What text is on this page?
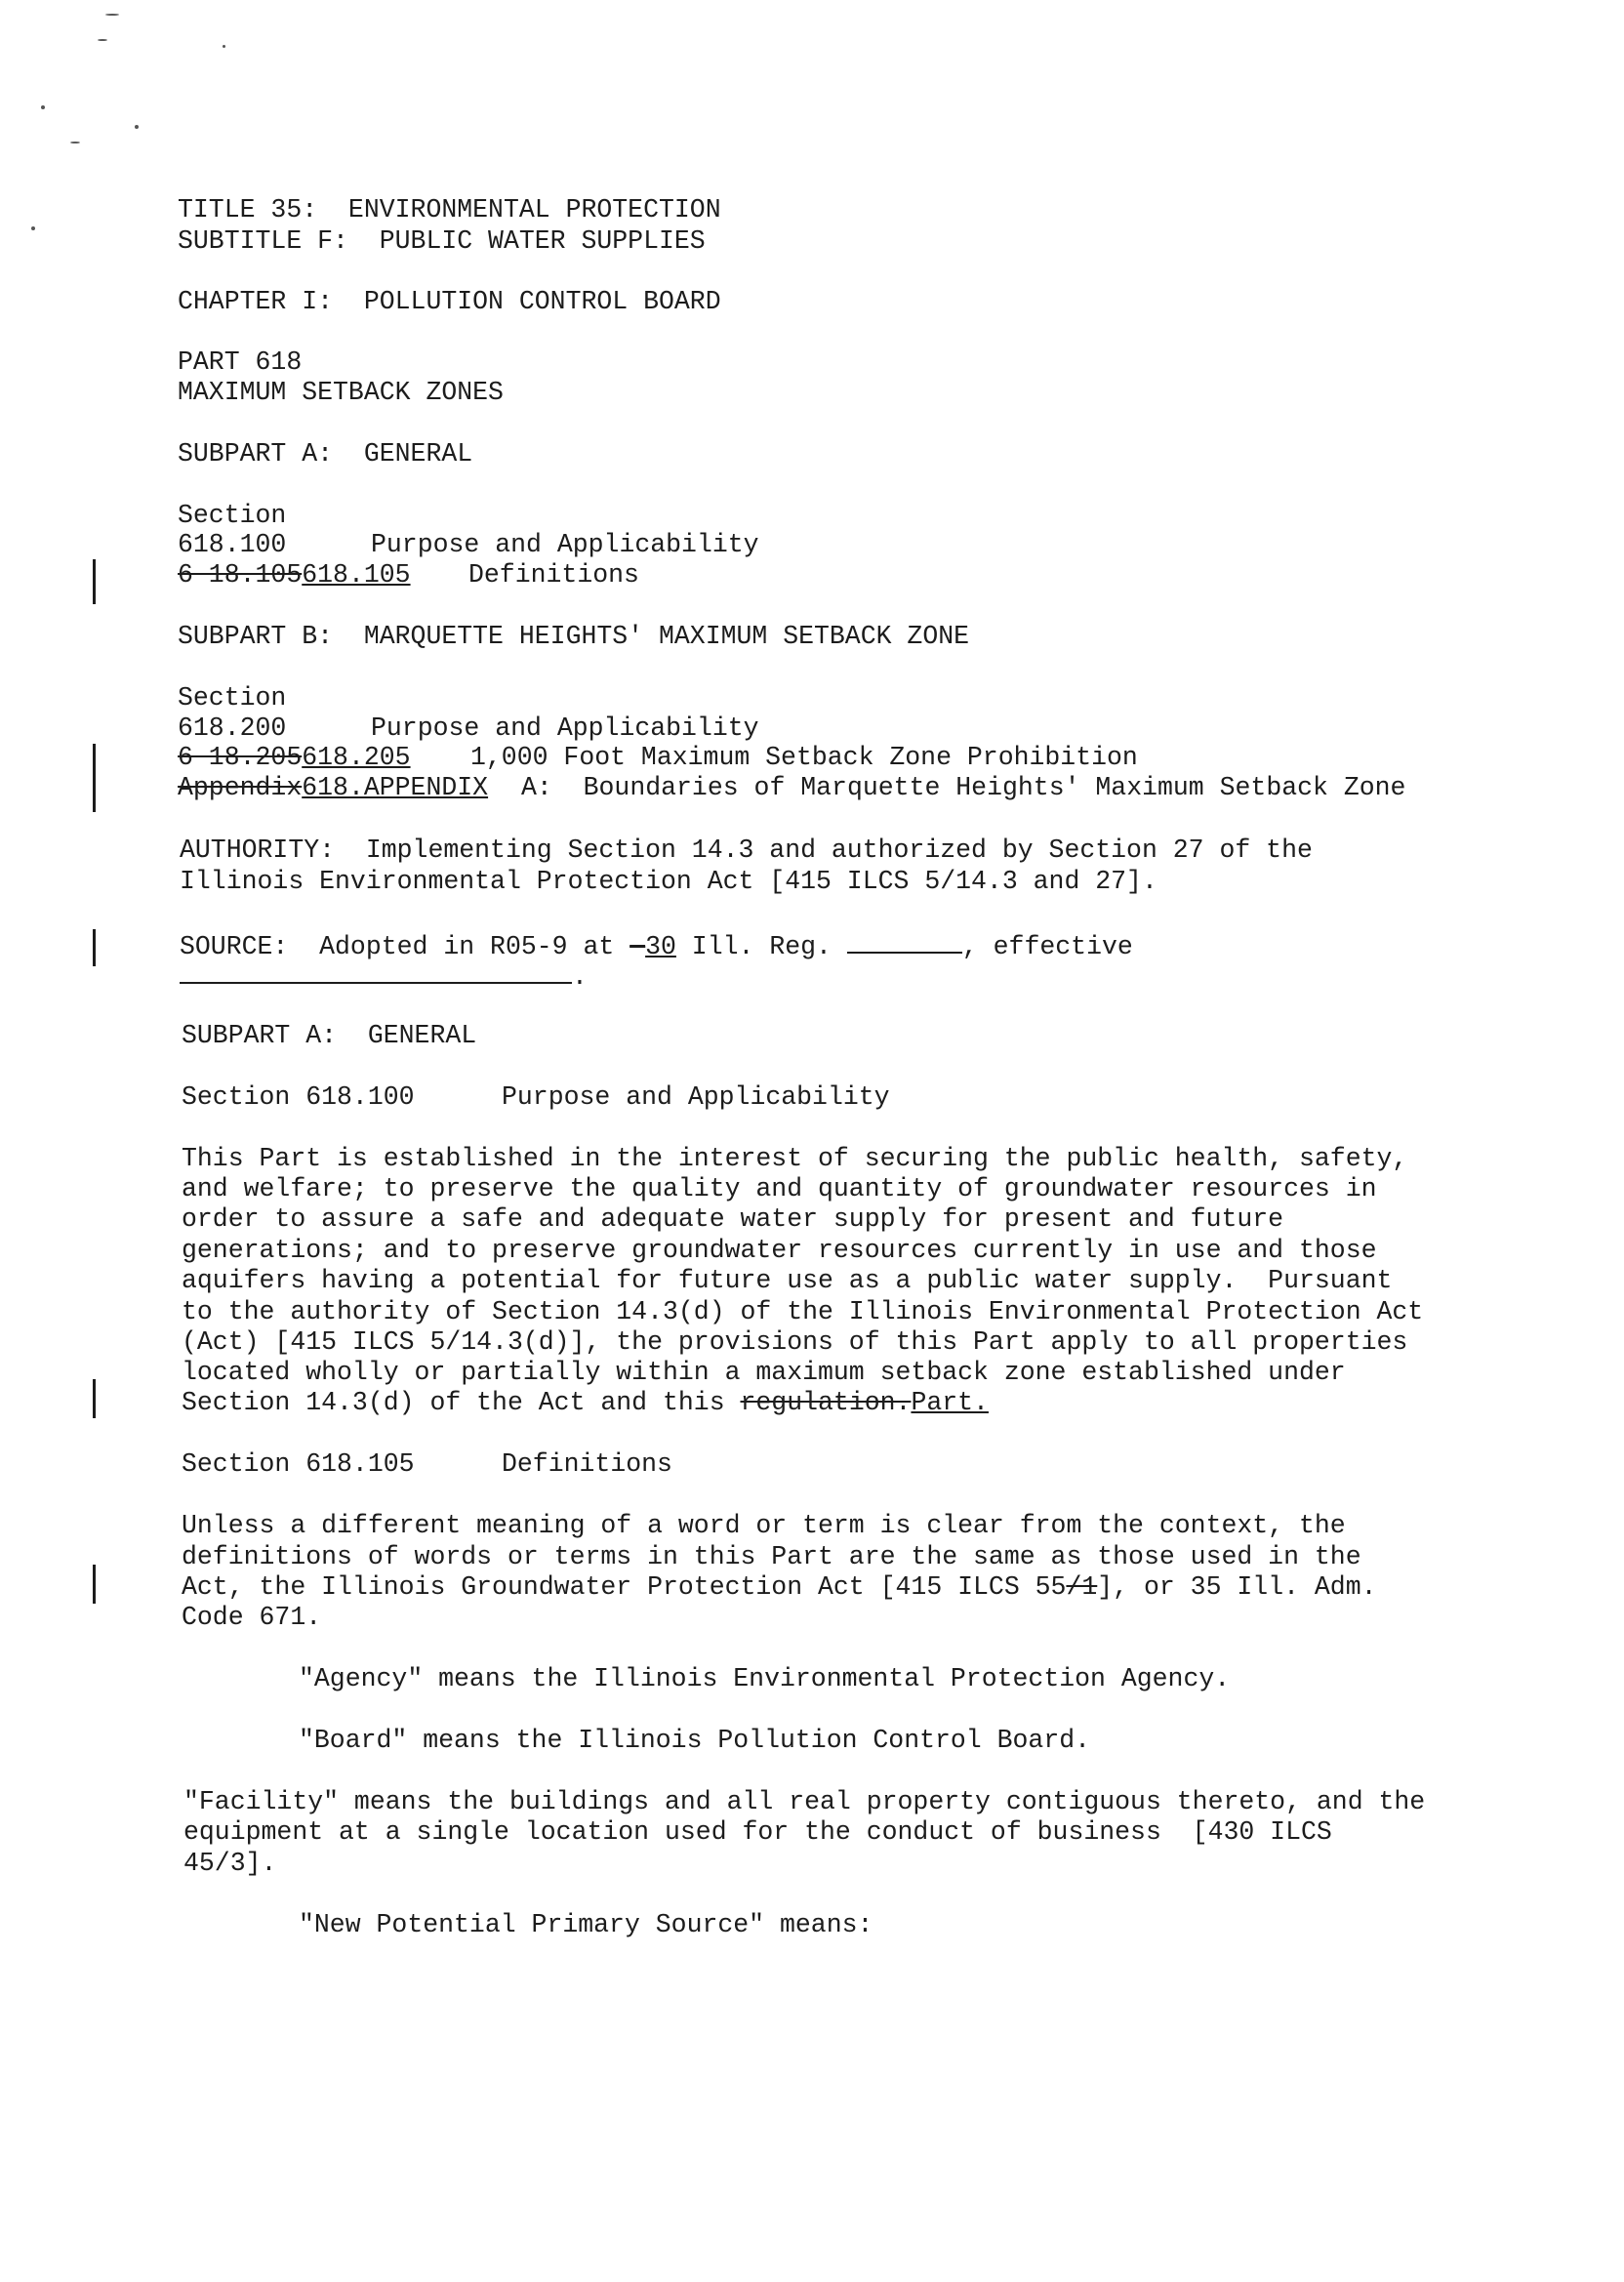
TITLE 35:  ENVIRONMENTAL PROTECTION
SUBTITLE F:  PUBLIC WATER SUPPLIES
CHAPTER I:  POLLUTION CONTROL BOARD
PART 618
MAXIMUM SETBACK ZONES
SUBPART A:  GENERAL
Section
618.100	Purpose and Applicability
6 18.105618.105 Definitions
SUBPART B:  MARQUETTE HEIGHTS' MAXIMUM SETBACK ZONE
Section
618.200	Purpose and Applicability
6 18.205618.205 1,000 Foot Maximum Setback Zone Prohibition
Appendix618.APPENDIX A:  Boundaries of Marquette Heights' Maximum Setback Zone
AUTHORITY:  Implementing Section 14.3 and authorized by Section 27 of the
Illinois Environmental Protection Act [415 ILCS 5/14.3 and 27].
SOURCE:  Adopted in R05-9 at —30 Ill. Reg.	, effective
.
SUBPART A:  GENERAL
Section 618.100	Purpose and Applicability
This Part is established in the interest of securing the public health, safety,
and welfare; to preserve the quality and quantity of groundwater resources in
order to assure a safe and adequate water supply for present and future
generations; and to preserve groundwater resources currently in use and those
aquifers having a potential for future use as a public water supply.  Pursuant
to the authority of Section 14.3(d) of the Illinois Environmental Protection Act
(Act) [415 ILCS 5/14.3(d)], the provisions of this Part apply to all properties
located wholly or partially within a maximum setback zone established under
Section 14.3(d) of the Act and this regulation.Part.
Section 618.105	Definitions
Unless a different meaning of a word or term is clear from the context, the
definitions of words or terms in this Part are the same as those used in the
Act, the Illinois Groundwater Protection Act [415 ILCS 55/1], or 35 Ill. Adm.
Code 671.
"Agency" means the Illinois Environmental Protection Agency.
"Board" means the Illinois Pollution Control Board.
"Facility" means the buildings and all real property contiguous thereto, and the
equipment at a single location used for the conduct of business  [430 ILCS
45/3].
"New Potential Primary Source" means:
